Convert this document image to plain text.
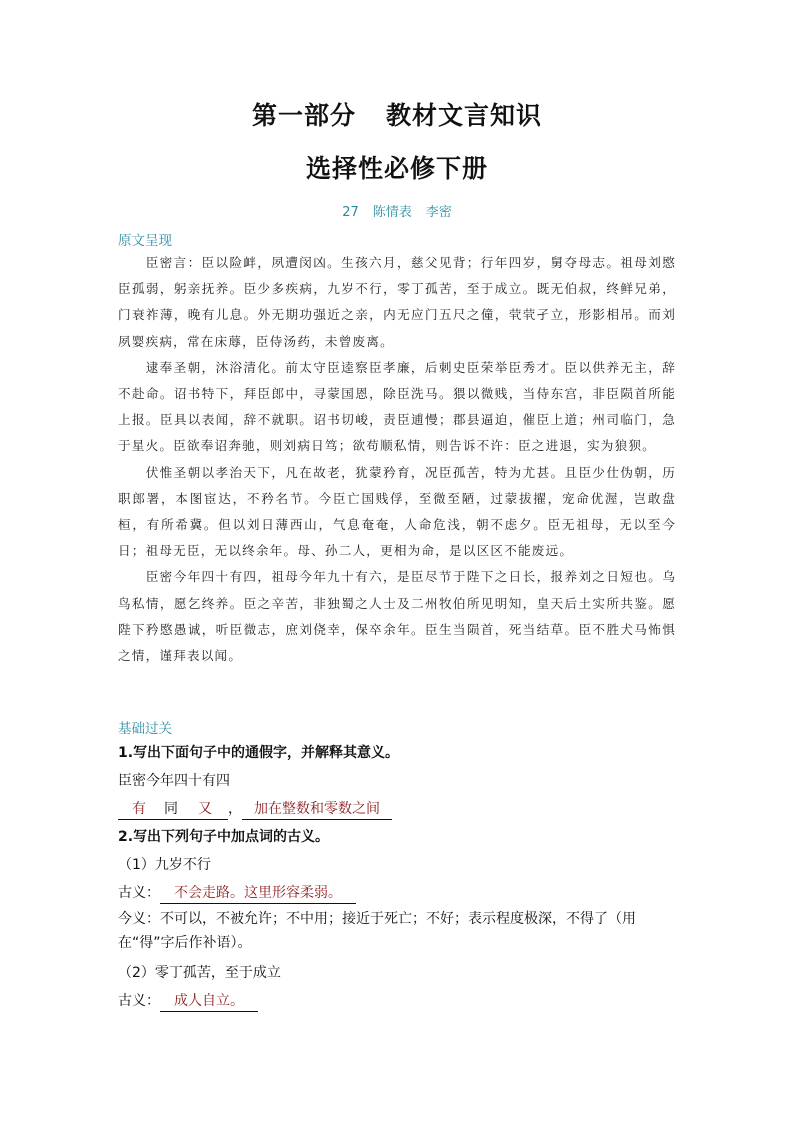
第一部分 教材文言知识
选择性必修下册
27 陈情表 李密
原文呈现

臣密言：臣以险衅，夙遭闵凶。生孩六月，慈父见背；行年四岁，舅夺母志。祖母刘愍臣孤弱，躬亲抚养。臣少多疾病，九岁不行，零丁孤苦，至于成立。既无伯叔，终鲜兄弟，门衰祚薄，晚有儿息。外无期功强近之亲，内无应门五尺之僮，茕茕孑立，形影相吊。而刘夙婴疾病，常在床蓐，臣侍汤药，未曾废离。

逮奉圣朝，沐浴清化。前太守臣逵察臣孝廉，后刺史臣荣举臣秀才。臣以供养无主，辞不赴命。诏书特下，拜臣郎中，寻蒙国恩，除臣洗马。猥以微贱，当侍东宫，非臣陨首所能上报。臣具以表闻，辞不就职。诏书切峻，责臣逋慢；郡县逼迫，催臣上道；州司临门，急于星火。臣欲奉诏奔驰，则刘病日笃；欲苟顺私情，则告诉不许：臣之进退，实为狼狈。

伏惟圣朝以孝治天下，凡在故老，犹蒙矜育，况臣孤苦，特为尤甚。且臣少仕伪朝，历职郎署，本图宦达，不矜名节。今臣亡国贱俘，至微至陋，过蒙拔擢，宠命优渥，岂敢盘桓，有所希冀。但以刘日薄西山，气息奄奄，人命危浅，朝不虑夕。臣无祖母，无以至今日；祖母无臣，无以终余年。母、孙二人，更相为命，是以区区不能废远。

臣密今年四十有四，祖母今年九十有六，是臣尽节于陛下之日长，报养刘之日短也。乌鸟私情，愿乞终养。臣之辛苦，非独蜀之人士及二州牧伯所见明知，皇天后土实所共鉴。愿陛下矜愍愚诚，听臣微志，庶刘侥幸，保卒余年。臣生当陨首，死当结草。臣不胜犬马怖惧之情，谨拜表以闻。

基础过关
1.写出下面句子中的通假字，并解释其意义。
臣密今年四十有四
有 同 又 ， 加在整数和零数之间
2.写出下列句子中加点词的古义。
（1）九岁不行
古义： 不会走路。这里形容柔弱。
今义：不可以，不被允许；不中用；接近于死亡；不好；表示程度极深，不得了（用在“得”字后作补语）。
（2）零丁孤苦，至于成立
古义： 成人自立。
